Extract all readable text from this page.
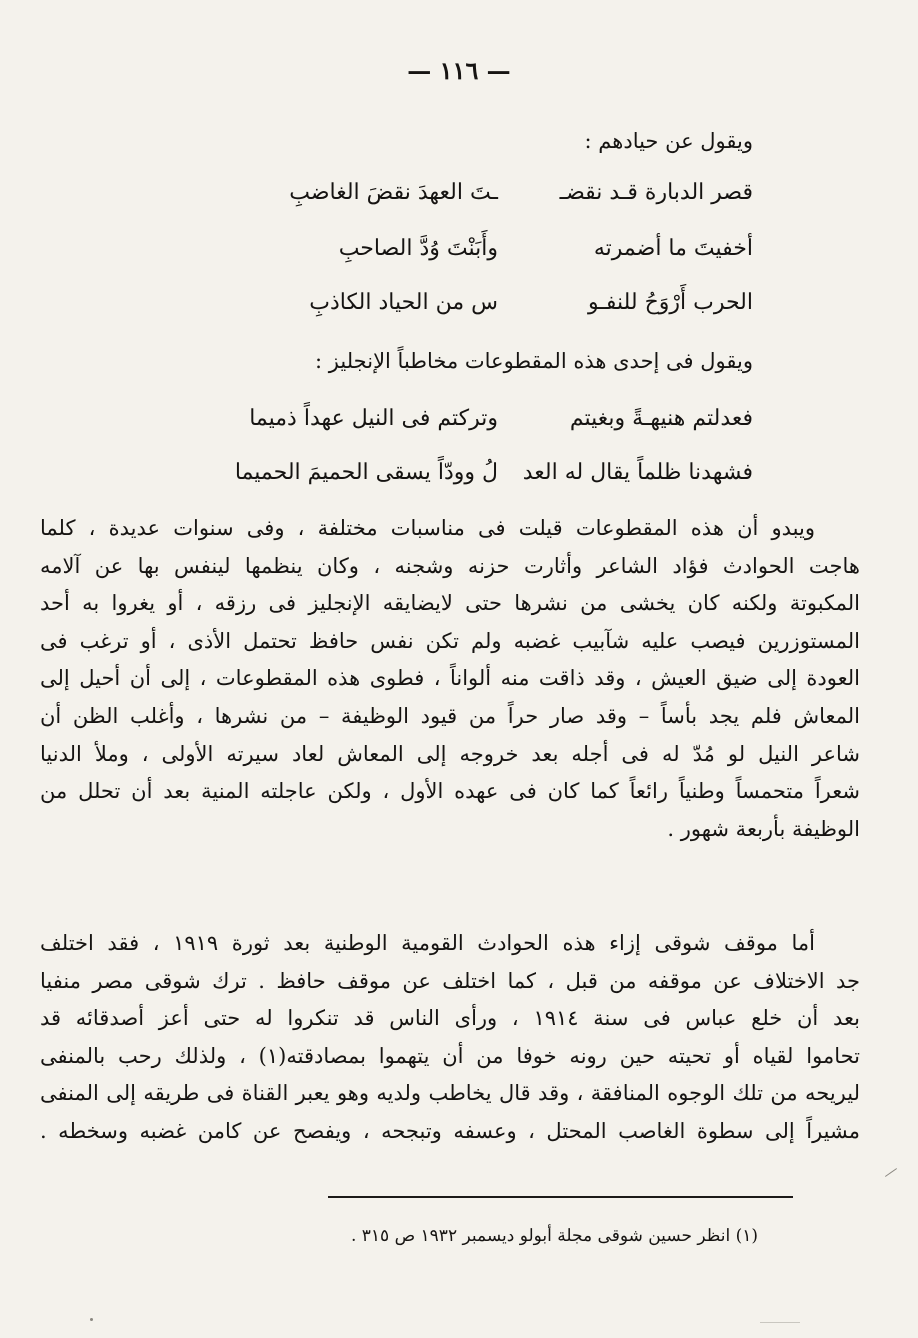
— ١١٦ —
ويقول عن حيادهم :
قصر الدبارة قـد نقضـ
ـتَ العهدَ نقضَ الغاضبِ
أخفيتَ ما أضمرته
وأَبَنْتَ وُدَّ الصاحبِ
الحرب أَرْوَحُ للنفـو
س من الحياد الكاذبِ
ويقول فى إحدى هذه المقطوعات مخاطباً الإنجليز :
فعدلتم هنيهـةً وبغيتم
وتركتم فى النيل عهداً ذميما
فشهدنا ظلماً يقال له العد
لُ وودّاً يسقى الحميمَ الحميما
ويبدو أن هذه المقطوعات قيلت فى مناسبات مختلفة ، وفى سنوات عديدة ، كلما
هاجت الحوادث فؤاد الشاعر وأثارت حزنه وشجنه ، وكان ينظمها لينفس بها عن آلامه
المكبوتة ولكنه كان يخشى من نشرها حتى لايضايقه الإنجليز فى رزقه ، أو يغروا به أحد
المستوزرين فيصب عليه شآبيب غضبه ولم تكن نفس حافظ تحتمل الأذى ، أو ترغب فى
العودة إلى ضيق العيش ، وقد ذاقت منه ألواناً ، فطوى هذه المقطوعات ، إلى أن أحيل إلى
المعاش فلم يجد بأساً – وقد صار حراً من قيود الوظيفة – من نشرها ، وأغلب الظن أن
شاعر النيل لو مُدّ له فى أجله بعد خروجه إلى المعاش لعاد سيرته الأولى ، وملأ الدنيا
شعراً متحمساً وطنياً رائعاً كما كان فى عهده الأول ، ولكن عاجلته المنية بعد أن تحلل من
الوظيفة بأربعة شهور .
أما موقف شوقى إزاء هذه الحوادث القومية الوطنية بعد ثورة ١٩١٩ ، فقد اختلف
جد الاختلاف عن موقفه من قبل ، كما اختلف عن موقف حافظ . ترك شوقى مصر منفيا
بعد أن خلع عباس فى سنة ١٩١٤ ، ورأى الناس قد تنكروا له حتى أعز أصدقائه قد
تحاموا لقياه أو تحيته حين رونه خوفا من أن يتهموا بمصادقته(١) ، ولذلك رحب بالمنفى
ليريحه من تلك الوجوه المنافقة ، وقد قال يخاطب ولديه وهو يعبر القناة فى طريقه إلى المنفى
مشيراً إلى سطوة الغاصب المحتل ، وعسفه وتبجحه ، ويفصح عن كامن غضبه وسخطه .
(١) انظر حسين شوقى مجلة أبولو ديسمبر ١٩٣٢ ص ٣١٥ .
